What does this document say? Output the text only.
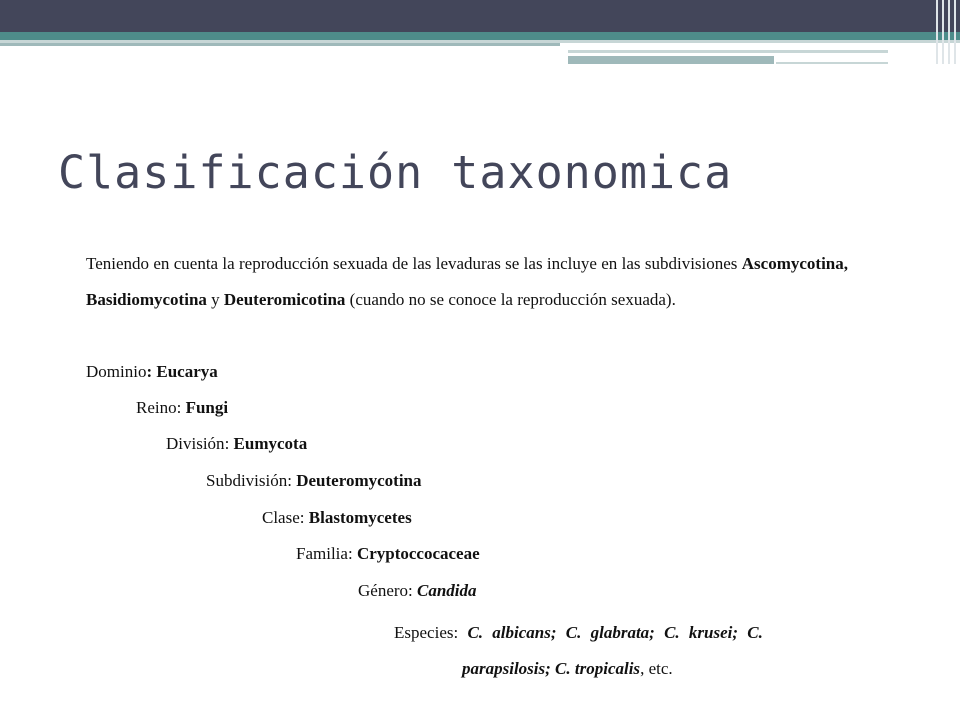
Clasificación taxonomica

Teniendo en cuenta la reproducción sexuada de las levaduras se las incluye en las subdivisiones Ascomycotina, Basidiomycotina y Deuteromicotina (cuando no se conoce la reproducción sexuada).

Dominio: Eucarya
Reino: Fungi
División: Eumycota
Subdivisión: Deuteromycotina
Clase: Blastomycetes
Familia: Cryptoccocaceae
Género: Candida
Especies: C. albicans; C. glabrata; C. krusei; C.
parapsilosis; C. tropicalis, etc.
